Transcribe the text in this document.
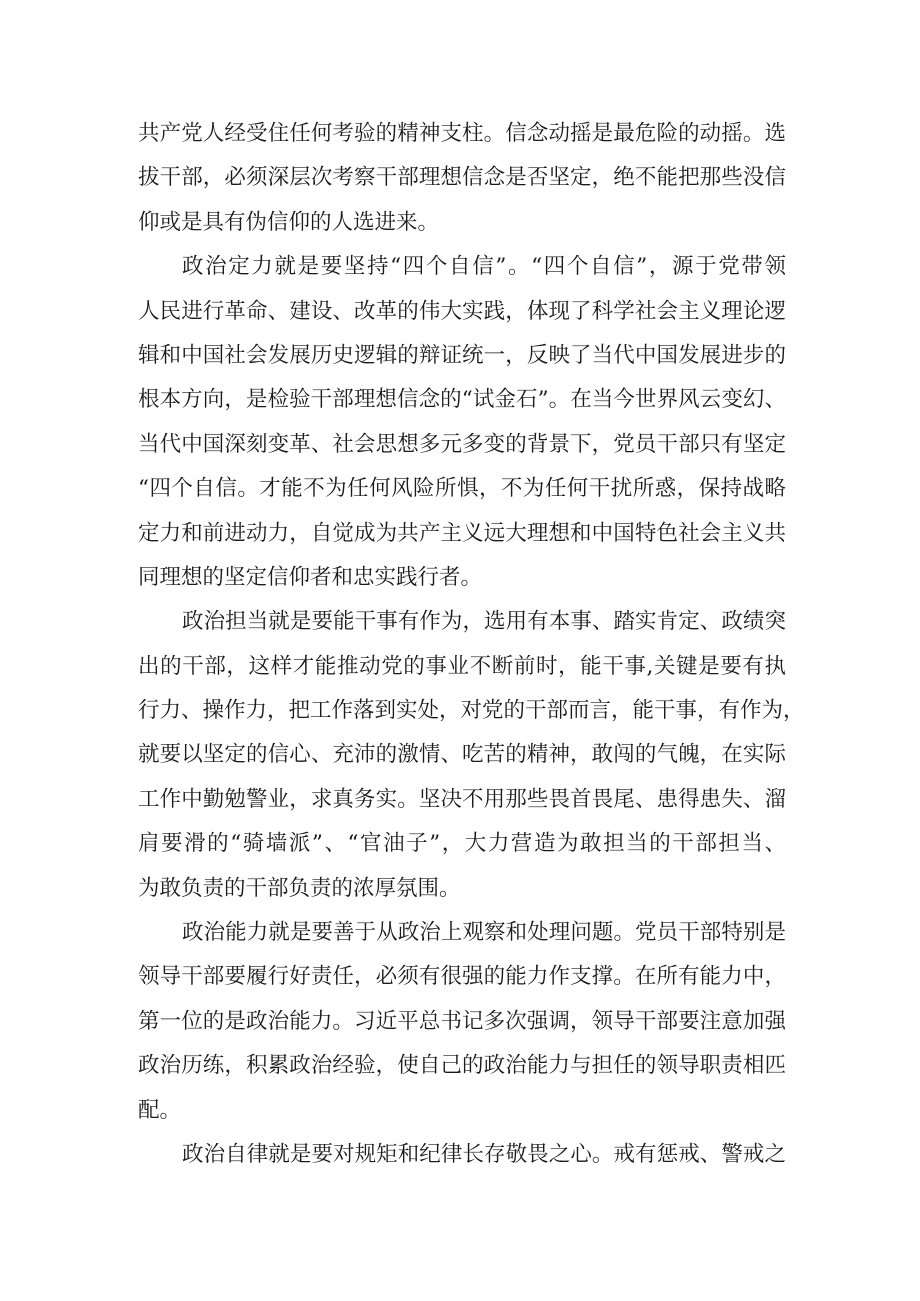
共产党人经受住任何考验的精神支柱。信念动摇是最危险的动摇。选
拔干部，必须深层次考察干部理想信念是否坚定，绝不能把那些没信
仰或是具有伪信仰的人选进来。
政治定力就是要坚持“四个自信”。“四个自信”，源于党带领
人民进行革命、建设、改革的伟大实践，体现了科学社会主义理论逻
辑和中国社会发展历史逻辑的辩证统一，反映了当代中国发展进步的
根本方向，是检验干部理想信念的“试金石”。在当今世界风云变幻、
当代中国深刻变革、社会思想多元多变的背景下，党员干部只有坚定
“四个自信。才能不为任何风险所惧，不为任何干扰所惑，保持战略
定力和前进动力，自觉成为共产主义远大理想和中国特色社会主义共
同理想的坚定信仰者和忠实践行者。
政治担当就是要能干事有作为，选用有本事、踏实肯定、政绩突
出的干部，这样才能推动党的事业不断前时，能干事,关键是要有执
行力、操作力，把工作落到实处，对党的干部而言，能干事，有作为，
就要以坚定的信心、充沛的激情、吃苦的精神，敢闯的气魄，在实际
工作中勤勉警业，求真务实。坚决不用那些畏首畏尾、患得患失、溜
肩要滑的“骑墙派”、“官油子”，大力营造为敢担当的干部担当、
为敢负责的干部负责的浓厚氛围。
政治能力就是要善于从政治上观察和处理问题。党员干部特别是
领导干部要履行好责任，必须有很强的能力作支撑。在所有能力中，
第一位的是政治能力。习近平总书记多次强调，领导干部要注意加强
政治历练，积累政治经验，使自己的政治能力与担任的领导职责相匹
配。
政治自律就是要对规矩和纪律长存敬畏之心。戒有惩戒、警戒之
